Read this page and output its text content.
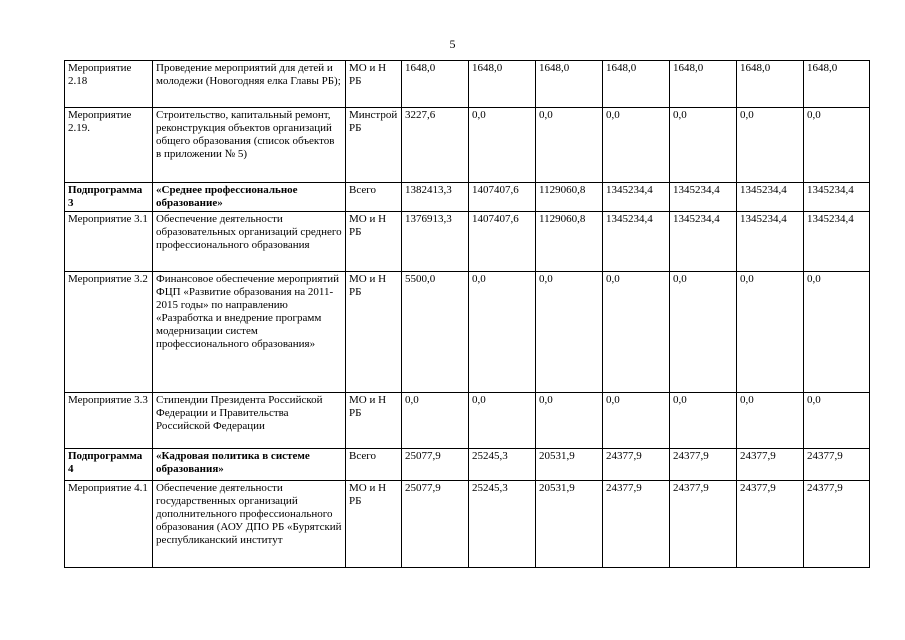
5
Мероприятие 2.18	Проведение мероприятий для детей и молодежи (Новогодняя елка Главы РБ);	МО и Н РБ	1648,0	1648,0	1648,0	1648,0	1648,0	1648,0	1648,0
Мероприятие 2.19.	Строительство, капитальный ремонт, реконструкция объектов организаций общего образования (список объектов в приложении № 5)	Минстрой РБ	3227,6	0,0	0,0	0,0	0,0	0,0	0,0
Подпрограмма 3	«Среднее профессиональное образование»	Всего	1382413,3	1407407,6	1129060,8	1345234,4	1345234,4	1345234,4	1345234,4
Мероприятие 3.1	Обеспечение деятельности образовательных организаций среднего профессионального образования	МО и Н РБ	1376913,3	1407407,6	1129060,8	1345234,4	1345234,4	1345234,4	1345234,4
Мероприятие 3.2	Финансовое обеспечение мероприятий ФЦП «Развитие образования на 2011-2015 годы» по направлению «Разработка и внедрение программ модернизации систем профессионального образования»	МО и Н РБ	5500,0	0,0	0,0	0,0	0,0	0,0	0,0
Мероприятие 3.3	Стипендии Президента Российской Федерации и Правительства Российской Федерации	МО и Н РБ	0,0	0,0	0,0	0,0	0,0	0,0	0,0
Подпрограмма 4	«Кадровая политика в системе образования»	Всего	25077,9	25245,3	20531,9	24377,9	24377,9	24377,9	24377,9
Мероприятие 4.1	Обеспечение деятельности государственных организаций дополнительного профессионального образования (АОУ ДПО РБ «Бурятский республиканский институт	МО и Н РБ	25077,9	25245,3	20531,9	24377,9	24377,9	24377,9	24377,9
